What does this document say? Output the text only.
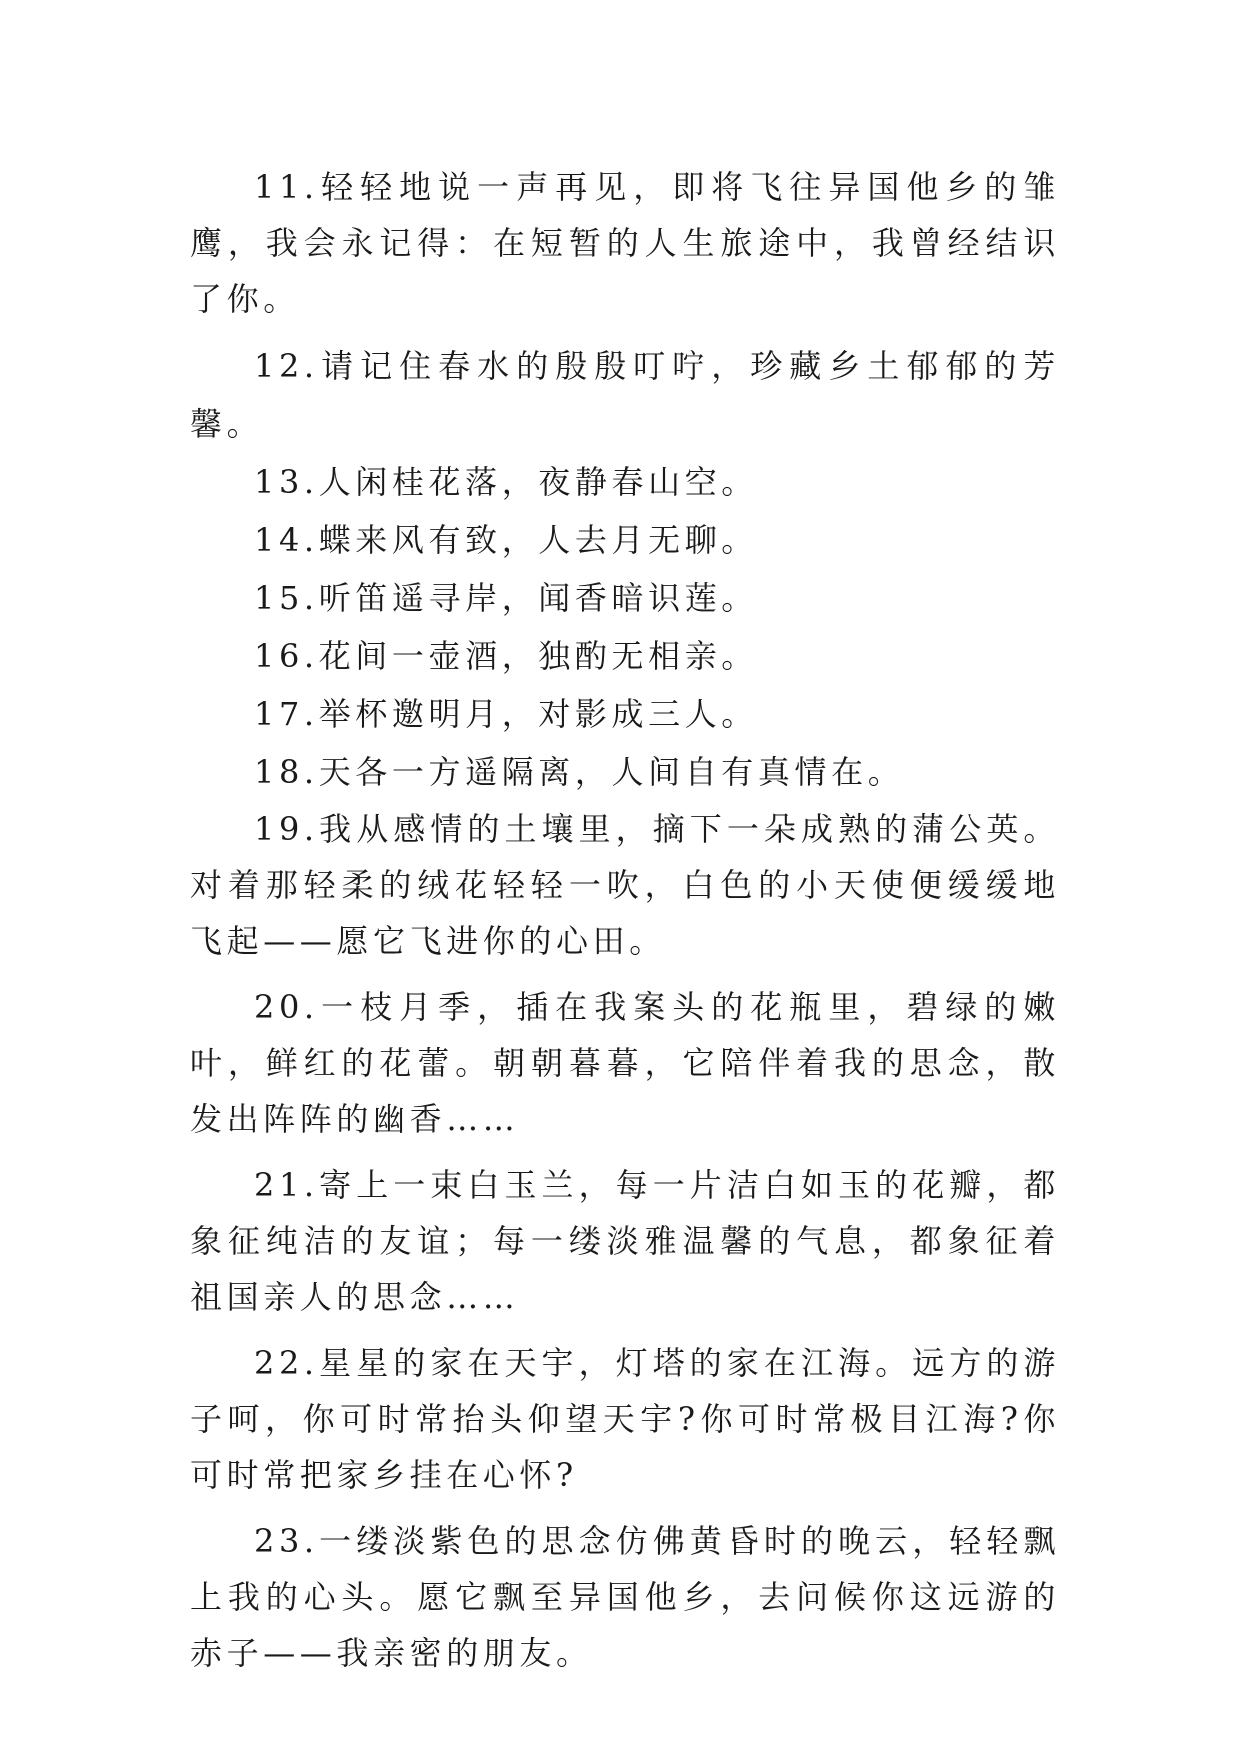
11.轻轻地说一声再见，即将飞往异国他乡的雏鹰，我会永记得：在短暂的人生旅途中，我曾经结识了你。

12.请记住春水的殷殷叮咛，珍藏乡土郁郁的芳馨。

13.人闲桂花落，夜静春山空。

14.蝶来风有致，人去月无聊。

15.听笛遥寻岸，闻香暗识莲。

16.花间一壶酒，独酌无相亲。

17.举杯邀明月，对影成三人。

18.天各一方遥隔离，人间自有真情在。

19.我从感情的土壤里，摘下一朵成熟的蒲公英。对着那轻柔的绒花轻轻一吹，白色的小天使便缓缓地飞起——愿它飞进你的心田。

20.一枝月季，插在我案头的花瓶里，碧绿的嫩叶，鲜红的花蕾。朝朝暮暮，它陪伴着我的思念，散发出阵阵的幽香……

21.寄上一束白玉兰，每一片洁白如玉的花瓣，都象征纯洁的友谊；每一缕淡雅温馨的气息，都象征着祖国亲人的思念……

22.星星的家在天宇，灯塔的家在江海。远方的游子呵，你可时常抬头仰望天宇?你可时常极目江海?你可时常把家乡挂在心怀?

23.一缕淡紫色的思念仿佛黄昏时的晚云，轻轻飘上我的心头。愿它飘至异国他乡，去问候你这远游的赤子——我亲密的朋友。
